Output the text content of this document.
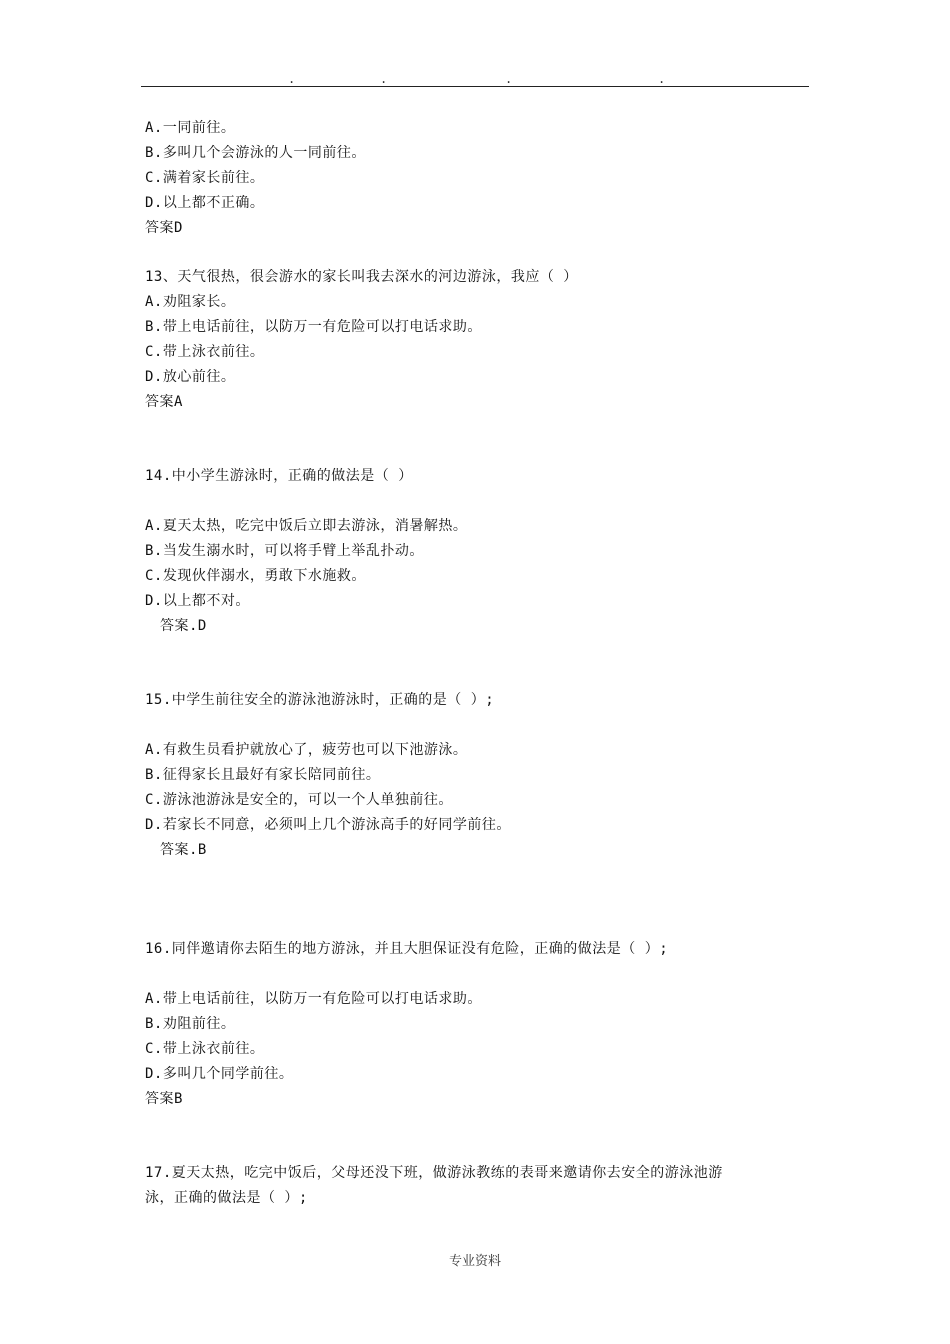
.	.	.	.
A.一同前往。
B.多叫几个会游泳的人一同前往。
C.满着家长前往。
D.以上都不正确。
答案D
13、天气很热，很会游水的家长叫我去深水的河边游泳，我应（ ）
A.劝阻家长。
B.带上电话前往，以防万一有危险可以打电话求助。
C.带上泳衣前往。
D.放心前往。
答案A
14.中小学生游泳时，正确的做法是（ ）
A.夏天太热，吃完中饭后立即去游泳，消暑解热。
B.当发生溺水时，可以将手臂上举乱扑动。
C.发现伙伴溺水，勇敢下水施救。
D.以上都不对。
答案.D
15.中学生前往安全的游泳池游泳时，正确的是（ ）;
A.有救生员看护就放心了，疲劳也可以下池游泳。
B.征得家长且最好有家长陪同前往。
C.游泳池游泳是安全的，可以一个人单独前往。
D.若家长不同意，必须叫上几个游泳高手的好同学前往。
答案.B
16.同伴邀请你去陌生的地方游泳，并且大胆保证没有危险，正确的做法是（ ）;
A.带上电话前往，以防万一有危险可以打电话求助。
B.劝阻前往。
C.带上泳衣前往。
D.多叫几个同学前往。
答案B
17.夏天太热，吃完中饭后，父母还没下班，做游泳教练的表哥来邀请你去安全的游泳池游
泳，正确的做法是（ ）;
专业资料
